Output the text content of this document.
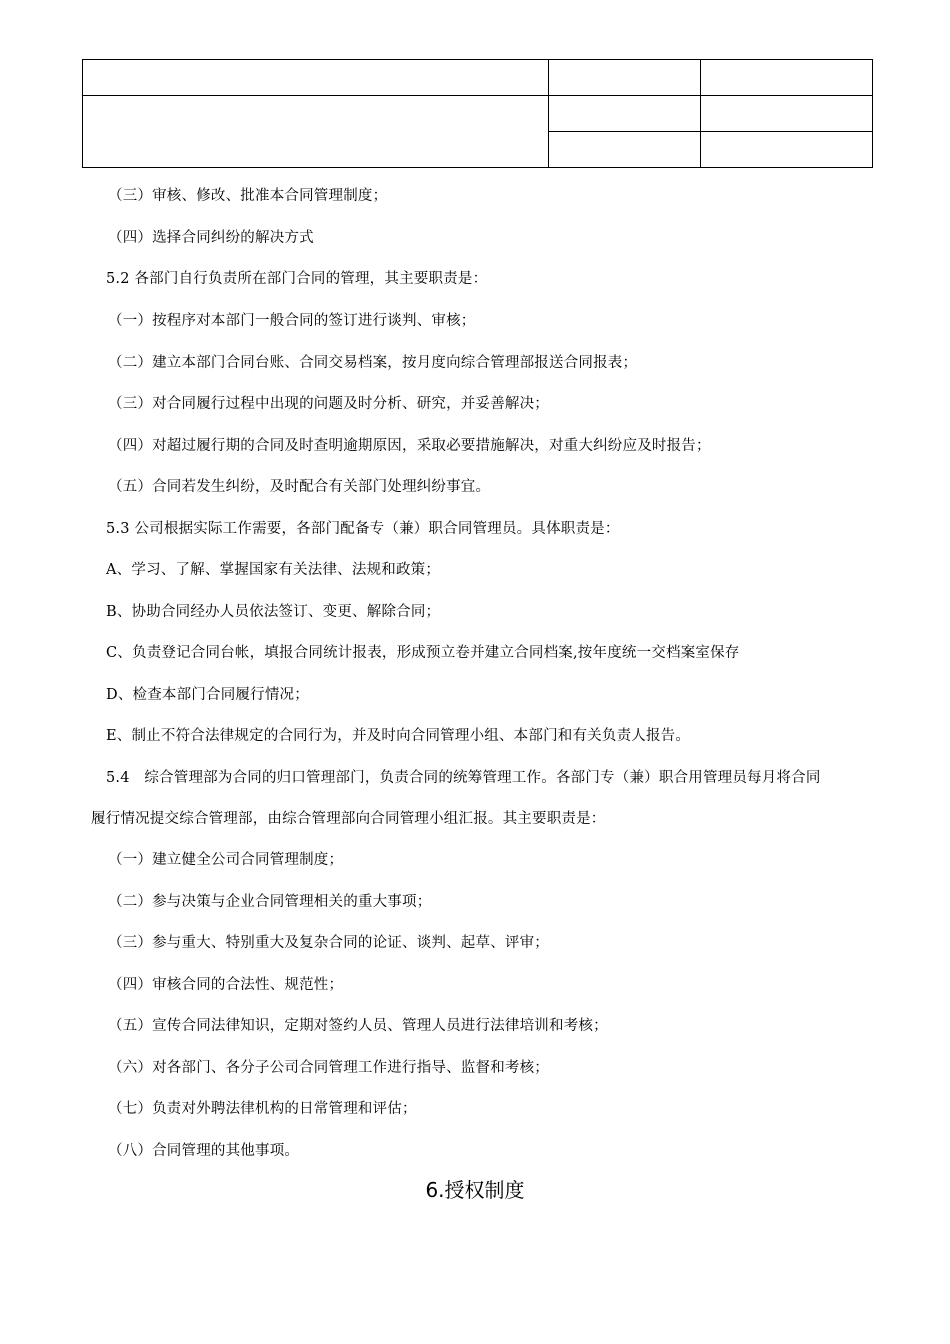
（三）审核、修改、批准本合同管理制度；
（四）选择合同纠纷的解决方式
5.2 各部门自行负责所在部门合同的管理，其主要职责是：
（一）按程序对本部门一般合同的签订进行谈判、审核；
（二）建立本部门合同台账、合同交易档案，按月度向综合管理部报送合同报表；
（三）对合同履行过程中出现的问题及时分析、研究，并妥善解决；
（四）对超过履行期的合同及时查明逾期原因，采取必要措施解决，对重大纠纷应及时报告；
（五）合同若发生纠纷，及时配合有关部门处理纠纷事宜。
5.3 公司根据实际工作需要，各部门配备专（兼）职合同管理员。具体职责是：
A、学习、了解、掌握国家有关法律、法规和政策；
B、协助合同经办人员依法签订、变更、解除合同；
C、负责登记合同台帐，填报合同统计报表，形成预立卷并建立合同档案,按年度统一交档案室保存
D、检查本部门合同履行情况；
E、制止不符合法律规定的合同行为，并及时向合同管理小组、本部门和有关负责人报告。
5.4　综合管理部为合同的归口管理部门，负责合同的统筹管理工作。各部门专（兼）职合用管理员每月将合同
履行情况提交综合管理部，由综合管理部向合同管理小组汇报。其主要职责是：
（一）建立健全公司合同管理制度；
（二）参与决策与企业合同管理相关的重大事项；
（三）参与重大、特别重大及复杂合同的论证、谈判、起草、评审；
（四）审核合同的合法性、规范性；
（五）宣传合同法律知识，定期对签约人员、管理人员进行法律培训和考核；
（六）对各部门、各分子公司合同管理工作进行指导、监督和考核；
（七）负责对外聘法律机构的日常管理和评估；
（八）合同管理的其他事项。
6.授权制度
